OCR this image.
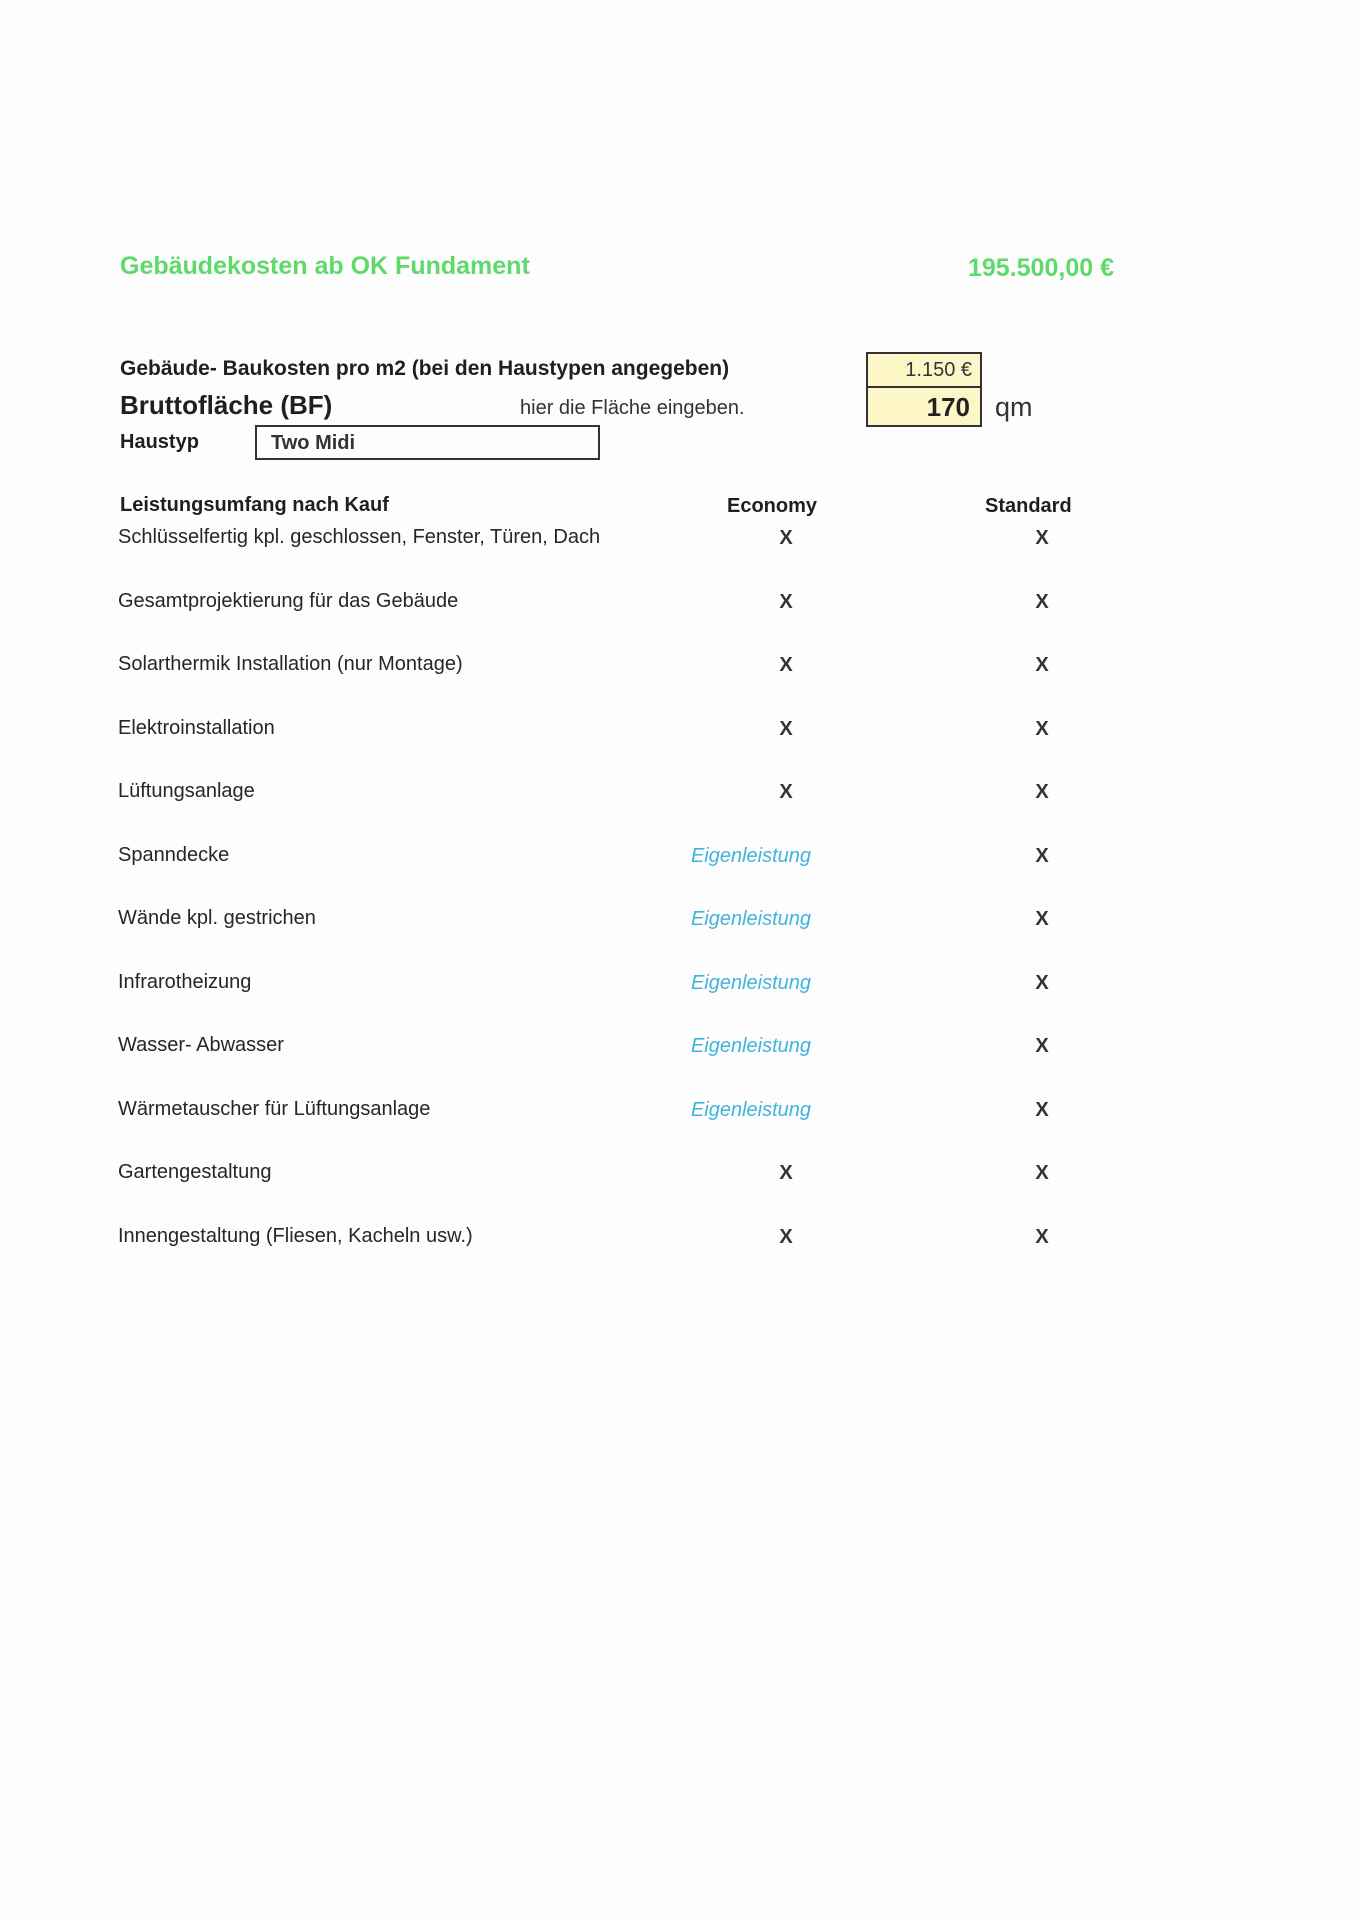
Gebäudekosten ab OK Fundament	195.500,00 €
Gebäude- Baukosten pro m2 (bei den Haustypen angegeben)	1.150 €
Bruttofläche (BF)	hier die Fläche eingeben.	170 qm
Haustyp	Two Midi
Leistungsumfang nach Kauf	Economy	Standard
Schlüsselfertig kpl. geschlossen, Fenster, Türen, Dach	X	X
Gesamtprojektierung für das Gebäude	X	X
Solarthermik Installation (nur Montage)	X	X
Elektroinstallation	X	X
Lüftungsanlage	X	X
Spanndecke	Eigenleistung	X
Wände kpl. gestrichen	Eigenleistung	X
Infrarotheizung	Eigenleistung	X
Wasser- Abwasser	Eigenleistung	X
Wärmetauscher für Lüftungsanlage	Eigenleistung	X
Gartengestaltung	X	X
Innengestaltung (Fliesen, Kacheln usw.)	X	X
